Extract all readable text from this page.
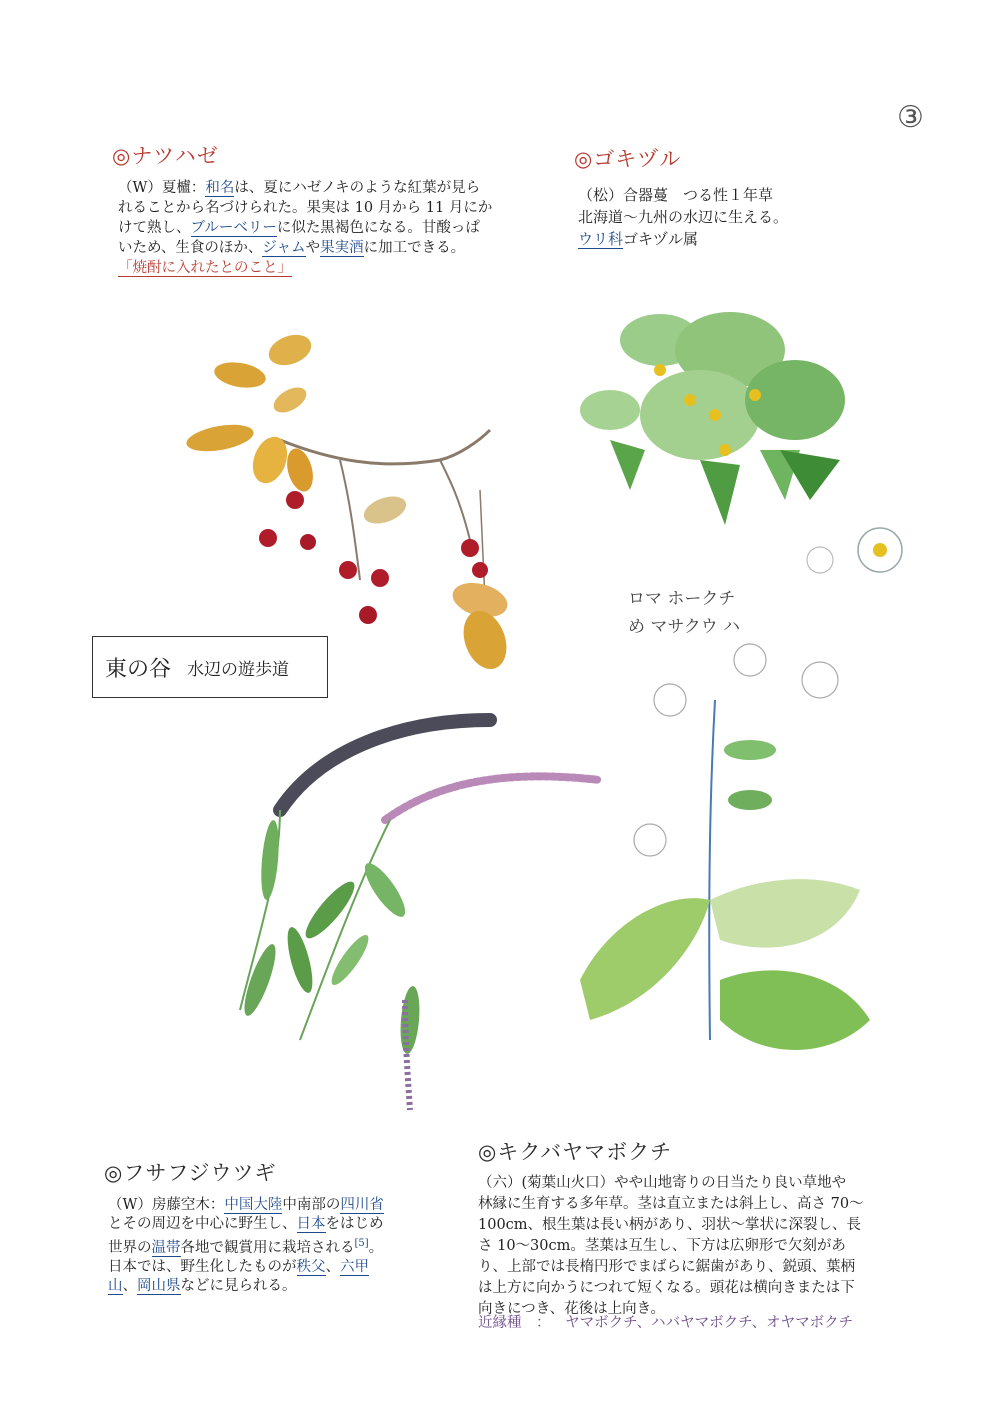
③
◎ナツハゼ
（W）夏櫨：和名は、夏にハゼノキのような紅葉が見ら
れることから名づけられた。果実は 10 月から 11 月にか
けて熟し、ブルーベリーに似た黒褐色になる。甘酸っぱ
いため、生食のほか、ジャムや果実酒に加工できる。
「焼酎に入れたとのこと」
◎ゴキヅル
（松）合器蔓　つる性１年草
北海道～九州の水辺に生える。
ウリ科ゴキヅル属
ロマ ホークチ
め マサクウ ハ
東の谷 水辺の遊歩道
◎キクバヤマボクチ
（六）(菊葉山火口）やや山地寄りの日当たり良い草地や
林縁に生育する多年草。茎は直立または斜上し、高さ 70～
100cm、根生葉は長い柄があり、羽状～掌状に深裂し、長
さ 10～30cm。茎葉は互生し、下方は広卵形で欠刻があ
り、上部では長楕円形でまばらに鋸歯があり、鋭頭、葉柄
は上方に向かうにつれて短くなる。頭花は横向きまたは下
向きにつき、花後は上向き。
近縁種　： ヤマボクチ、ハバヤマボクチ、オヤマボクチ
◎フサフジウツギ
（W）房藤空木：中国大陸中南部の四川省
とその周辺を中心に野生し、日本をはじめ
世界の温帯各地で観賞用に栽培される[5]。
日本では、野生化したものが秩父、六甲
山、岡山県などに見られる。
